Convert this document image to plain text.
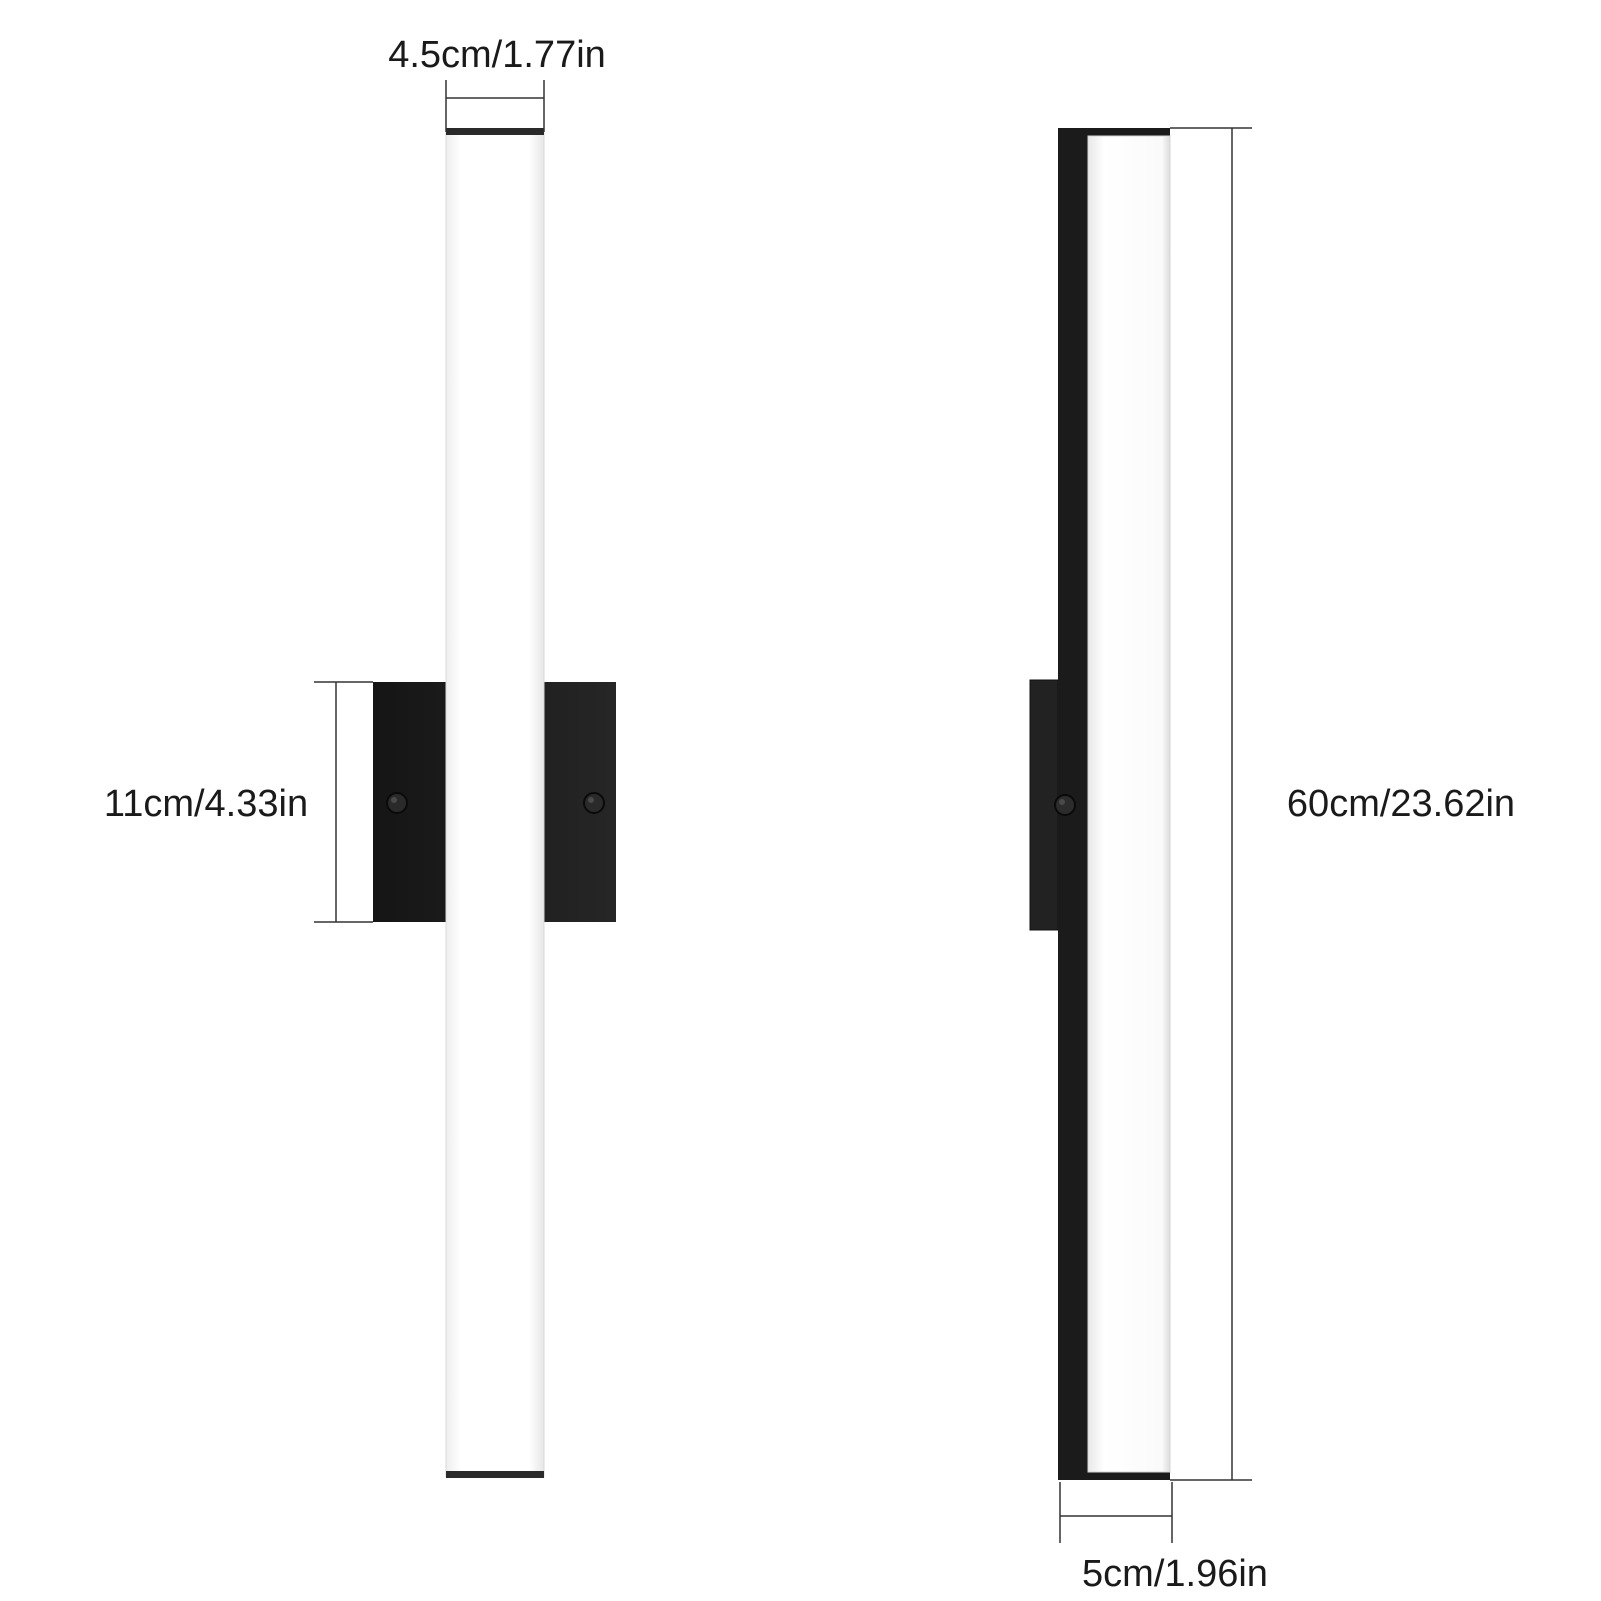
4.5cm/1.77in
11cm/4.33in	60cm/23.62in
5cm/1.96in
